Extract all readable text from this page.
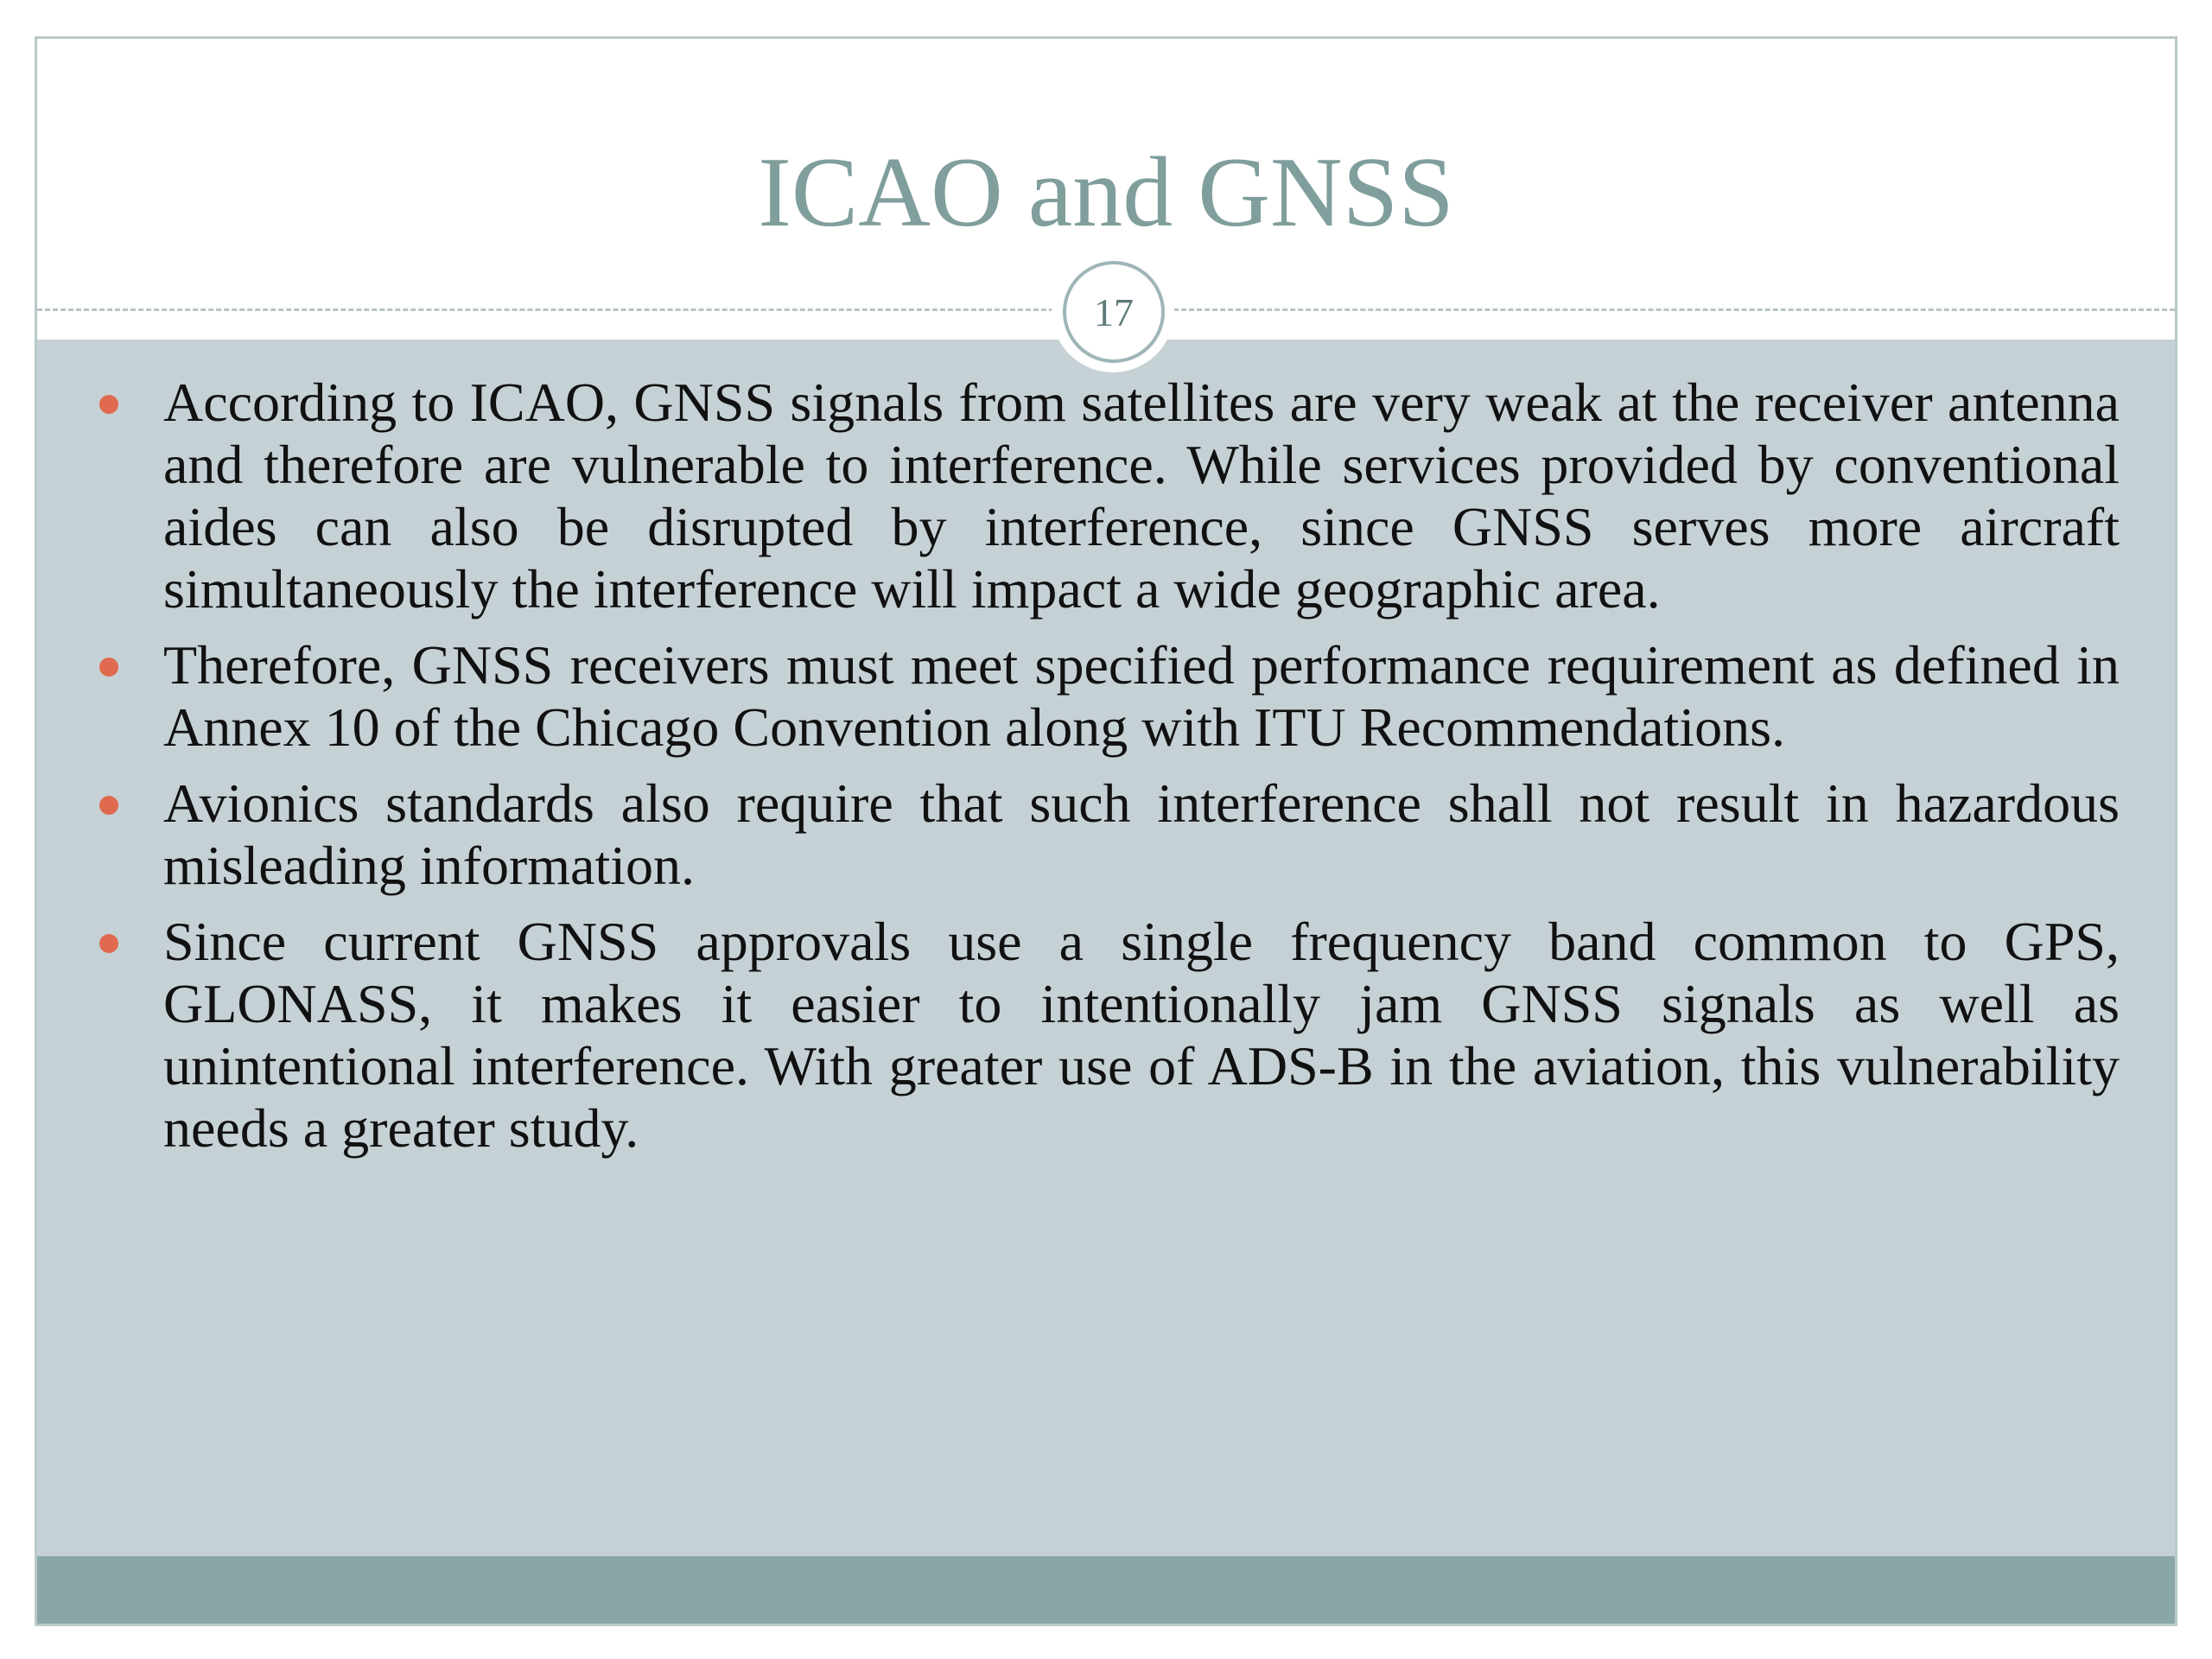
ICAO and GNSS
17
According to ICAO, GNSS signals from satellites are very weak at the receiver antenna and therefore are vulnerable to interference. While services provided by conventional aides can also be disrupted by interference, since GNSS serves more aircraft simultaneously the interference will impact a wide geographic area.
Therefore, GNSS receivers must meet specified performance requirement as defined in Annex 10 of the Chicago Convention along with ITU Recommendations.
Avionics standards also require that such interference shall not result in hazardous misleading information.
Since current GNSS approvals use a single frequency band common to GPS, GLONASS, it makes it easier to intentionally jam GNSS signals as well as unintentional interference. With greater use of ADS-B in the aviation, this vulnerability needs a greater study.
